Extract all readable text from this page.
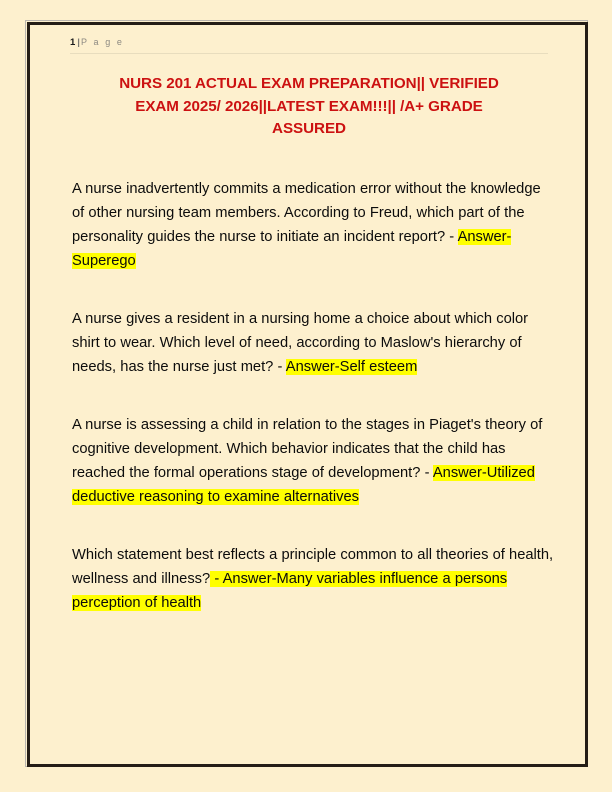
1 |P a g e
NURS 201 ACTUAL EXAM PREPARATION|| VERIFIED
EXAM 2025/ 2026||LATEST EXAM!!!|| /A+ GRADE
ASSURED

A nurse inadvertently commits a medication error without the knowledge of other nursing team members. According to Freud, which part of the personality guides the nurse to initiate an incident report? - Answer-Superego

A nurse gives a resident in a nursing home a choice about which color shirt to wear. Which level of need, according to Maslow's hierarchy of needs, has the nurse just met? - Answer-Self esteem

A nurse is assessing a child in relation to the stages in Piaget's theory of cognitive development. Which behavior indicates that the child has reached the formal operations stage of development? - Answer-Utilized deductive reasoning to examine alternatives

Which statement best reflects a principle common to all theories of health, wellness and illness? - Answer-Many variables influence a persons perception of health
